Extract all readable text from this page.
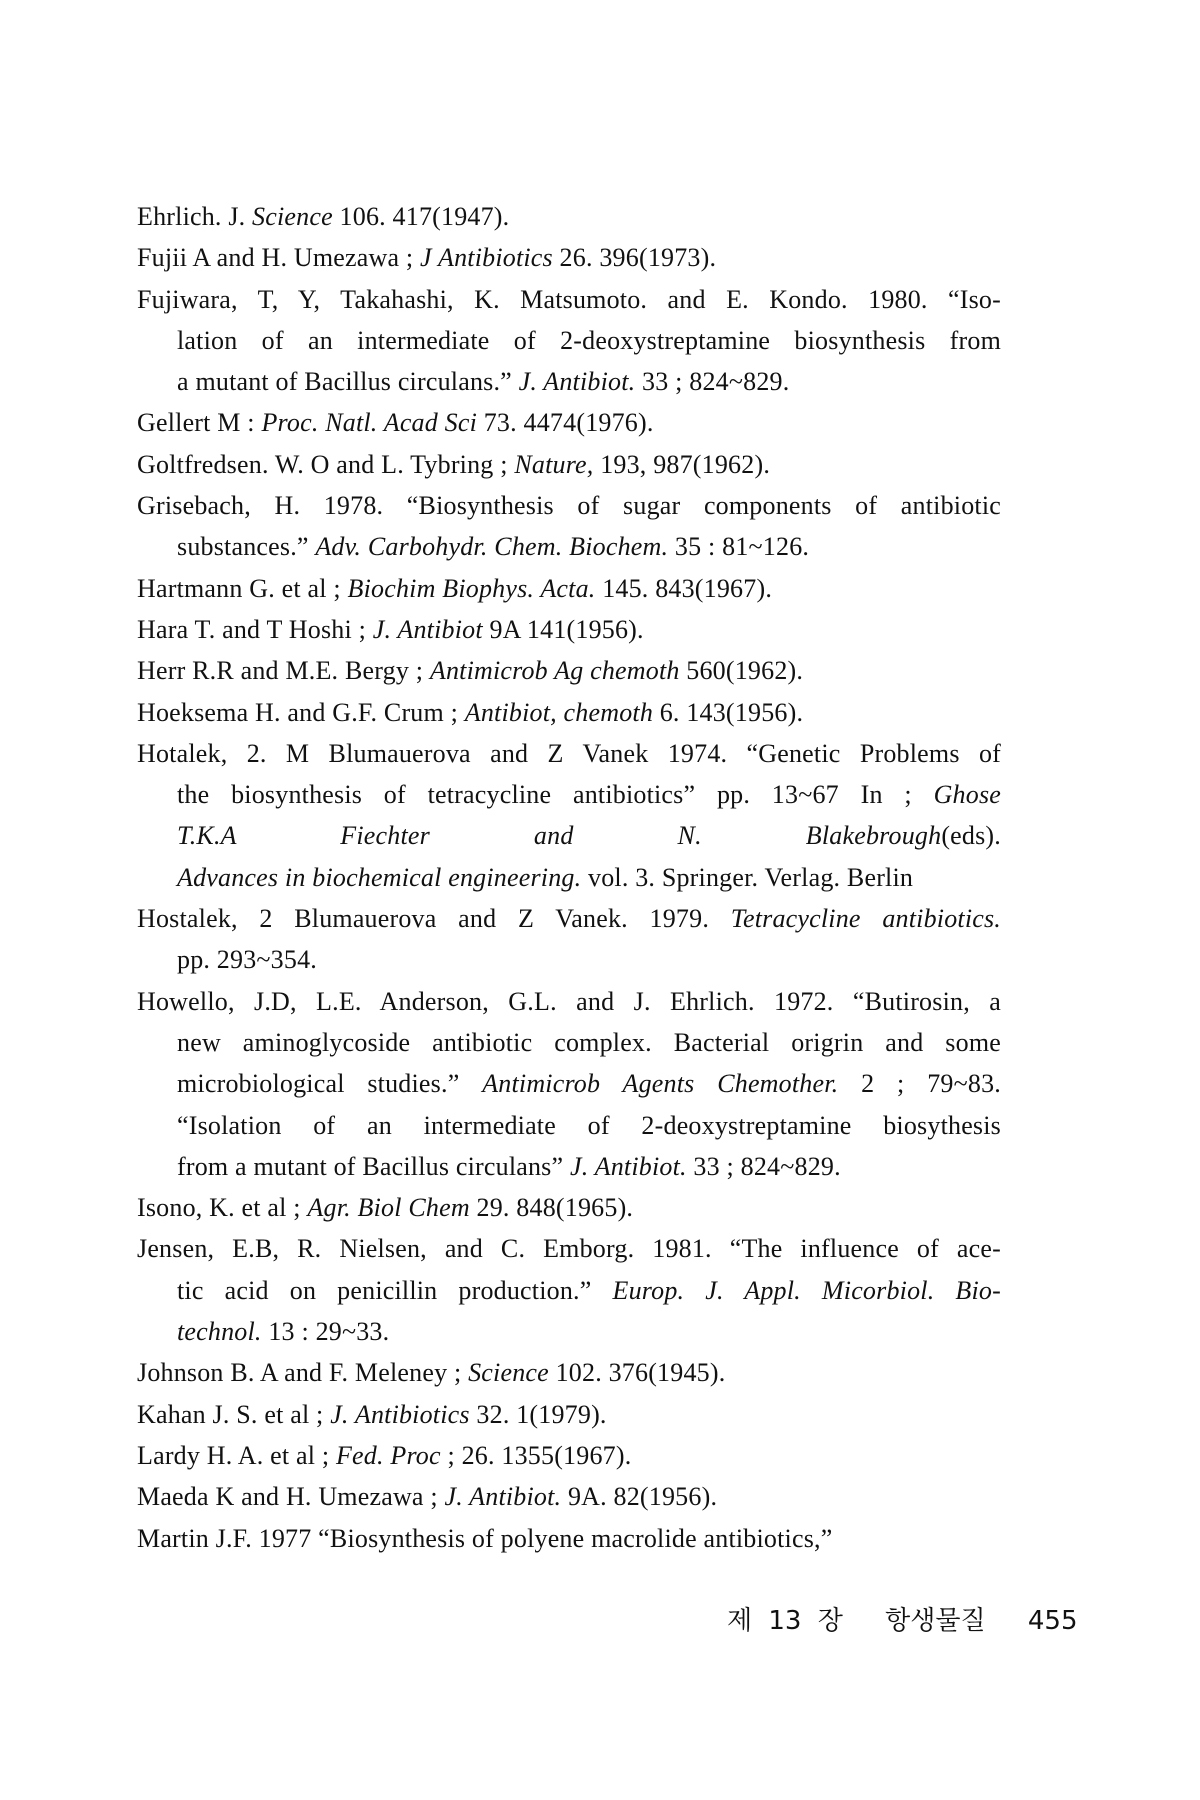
Ehrlich. J. Science 106. 417(1947).
Fujii A and H. Umezawa ; J Antibiotics 26. 396(1973).
Fujiwara, T, Y, Takahashi, K. Matsumoto. and E. Kondo. 1980. “Iso-
lation of an intermediate of 2-deoxystreptamine biosynthesis from
a mutant of Bacillus circulans.” J. Antibiot. 33 ; 824~829.
Gellert M : Proc. Natl. Acad Sci 73. 4474(1976).
Goltfredsen. W. O and L. Tybring ; Nature, 193, 987(1962).
Grisebach, H. 1978. “Biosynthesis of sugar components of antibiotic
substances.” Adv. Carbohydr. Chem. Biochem. 35 : 81~126.
Hartmann G. et al ; Biochim Biophys. Acta. 145. 843(1967).
Hara T. and T Hoshi ; J. Antibiot 9A 141(1956).
Herr R.R and M.E. Bergy ; Antimicrob Ag chemoth 560(1962).
Hoeksema H. and G.F. Crum ; Antibiot, chemoth 6. 143(1956).
Hotalek, 2. M Blumauerova and Z Vanek 1974. “Genetic Problems of
the biosynthesis of tetracycline antibiotics” pp. 13~67 In ; Ghose
T.K.A Fiechter and N. Blakebrough(eds).
Advances in biochemical engineering. vol. 3. Springer. Verlag. Berlin
Hostalek, 2 Blumauerova and Z Vanek. 1979. Tetracycline antibiotics.
pp. 293~354.
Howello, J.D, L.E. Anderson, G.L. and J. Ehrlich. 1972. “Butirosin, a
new aminoglycoside antibiotic complex. Bacterial origrin and some
microbiological studies.” Antimicrob Agents Chemother. 2 ; 79~83.
“Isolation of an intermediate of 2-deoxystreptamine biosythesis
from a mutant of Bacillus circulans” J. Antibiot. 33 ; 824~829.
Isono, K. et al ; Agr. Biol Chem 29. 848(1965).
Jensen, E.B, R. Nielsen, and C. Emborg. 1981. “The influence of ace-
tic acid on penicillin production.” Europ. J. Appl. Micorbiol. Bio-
technol. 13 : 29~33.
Johnson B. A and F. Meleney ; Science 102. 376(1945).
Kahan J. S. et al ; J. Antibiotics 32. 1(1979).
Lardy H. A. et al ; Fed. Proc ; 26. 1355(1967).
Maeda K and H. Umezawa ; J. Antibiot. 9A. 82(1956).
Martin J.F. 1977 “Biosynthesis of polyene macrolide antibiotics,”
제 13 장 항생물질 455
